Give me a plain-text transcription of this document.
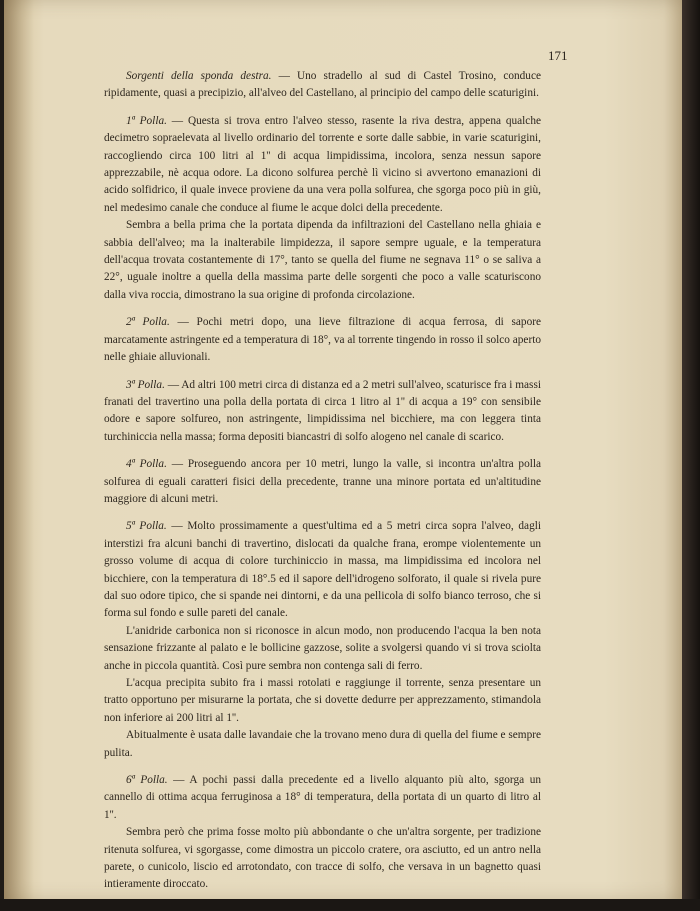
171

Sorgenti della sponda destra. — Uno stradello al sud di Castel Trosino, conduce ripidamente, quasi a precipizio, all'alveo del Castellano, al principio del campo delle scaturigini.

1ª Polla. — Questa si trova entro l'alveo stesso, rasente la riva destra, appena qualche decimetro sopraelevata al livello ordinario del torrente e sorte dalle sabbie, in varie scaturigini, raccogliendo circa 100 litri al 1'' di acqua limpidissima, incolora, senza nessun sapore apprezzabile, nè acqua odore. La dicono solfurea perchè lì vicino si avvertono emanazioni di acido solfidrico, il quale invece proviene da una vera polla solfurea, che sgorga poco più in giù, nel medesimo canale che conduce al fiume le acque dolci della precedente.

Sembra a bella prima che la portata dipenda da infiltrazioni del Castellano nella ghiaia e sabbia dell'alveo; ma la inalterabile limpidezza, il sapore sempre uguale, e la temperatura dell'acqua trovata costantemente di 17°, tanto se quella del fiume ne segnava 11° o se saliva a 22°, uguale inoltre a quella della massima parte delle sorgenti che poco a valle scaturiscono dalla viva roccia, dimostrano la sua origine di profonda circolazione.

2ª Polla. — Pochi metri dopo, una lieve filtrazione di acqua ferrosa, di sapore marcatamente astringente ed a temperatura di 18°, va al torrente tingendo in rosso il solco aperto nelle ghiaie alluvionali.

3ª Polla. — Ad altri 100 metri circa di distanza ed a 2 metri sull'alveo, scaturisce fra i massi franati del travertino una polla della portata di circa 1 litro al 1'' di acqua a 19° con sensibile odore e sapore solfureo, non astringente, limpidissima nel bicchiere, ma con leggera tinta turchiniccia nella massa; forma depositi biancastri di solfo alogeno nel canale di scarico.

4ª Polla. — Proseguendo ancora per 10 metri, lungo la valle, si incontra un'altra polla solfurea di eguali caratteri fisici della precedente, tranne una minore portata ed un'altitudine maggiore di alcuni metri.

5ª Polla. — Molto prossimamente a quest'ultima ed a 5 metri circa sopra l'alveo, dagli interstizi fra alcuni banchi di travertino, dislocati da qualche frana, erompe violentemente un grosso volume di acqua di colore turchiniccio in massa, ma limpidissima ed incolora nel bicchiere, con la temperatura di 18°.5 ed il sapore dell'idrogeno solforato, il quale si rivela pure dal suo odore tipico, che si spande nei dintorni, e da una pellicola di solfo bianco terroso, che si forma sul fondo e sulle pareti del canale.

L'anidride carbonica non si riconosce in alcun modo, non producendo l'acqua la ben nota sensazione frizzante al palato e le bollicine gazzose, solite a svolgersi quando vi si trova sciolta anche in piccola quantità. Così pure sembra non contenga sali di ferro.

L'acqua precipita subito fra i massi rotolati e raggiunge il torrente, senza presentare un tratto opportuno per misurarne la portata, che si dovette dedurre per apprezzamento, stimandola non inferiore ai 200 litri al 1''.

Abitualmente è usata dalle lavandaie che la trovano meno dura di quella del fiume e sempre pulita.

6ª Polla. — A pochi passi dalla precedente ed a livello alquanto più alto, sgorga un cannello di ottima acqua ferruginosa a 18° di temperatura, della portata di un quarto di litro al 1''.

Sembra però che prima fosse molto più abbondante o che un'altra sorgente, per tradizione ritenuta solfurea, vi sgorgasse, come dimostra un piccolo cratere, ora asciutto, ed un antro nella parete, o cunicolo, liscio ed arrotondato, con tracce di solfo, che versava in un bagnetto quasi intieramente diroccato.
